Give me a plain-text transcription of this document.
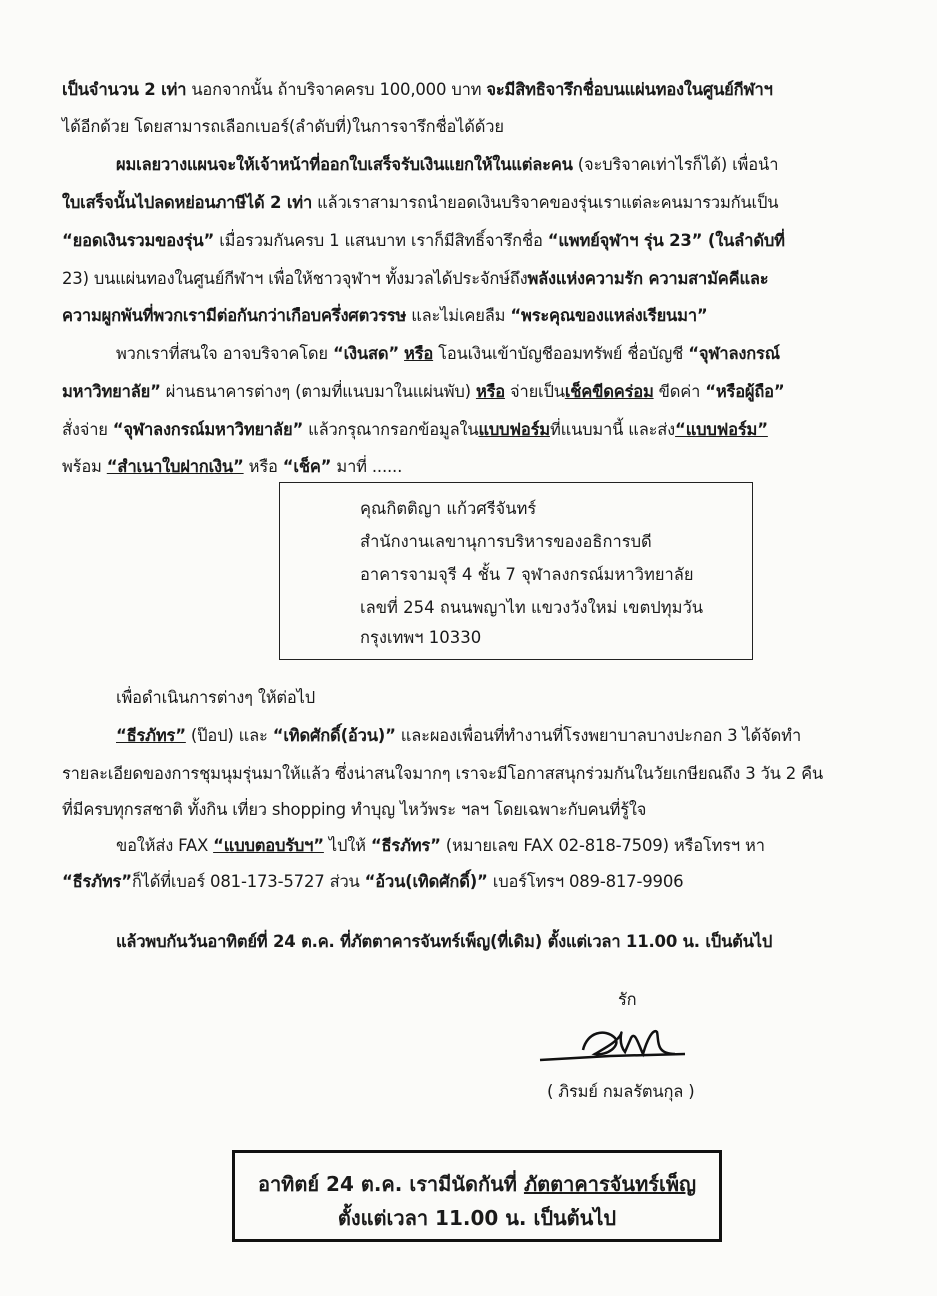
เป็นจำนวน 2 เท่า นอกจากนั้น ถ้าบริจาคครบ 100,000 บาท จะมีสิทธิจารึกชื่อบนแผ่นทองในศูนย์กีฬาฯ
ได้อีกด้วย โดยสามารถเลือกเบอร์(ลำดับที่)ในการจารึกชื่อได้ด้วย
ผมเลยวางแผนจะให้เจ้าหน้าที่ออกใบเสร็จรับเงินแยกให้ในแต่ละคน (จะบริจาคเท่าไรก็ได้) เพื่อนำ
ใบเสร็จนั้นไปลดหย่อนภาษีได้ 2 เท่า แล้วเราสามารถนำยอดเงินบริจาคของรุ่นเราแต่ละคนมารวมกันเป็น
“ยอดเงินรวมของรุ่น” เมื่อรวมกันครบ 1 แสนบาท เราก็มีสิทธิ์จารึกชื่อ “แพทย์จุฬาฯ รุ่น 23” (ในลำดับที่
23) บนแผ่นทองในศูนย์กีฬาฯ เพื่อให้ชาวจุฬาฯ ทั้งมวลได้ประจักษ์ถึงพลังแห่งความรัก ความสามัคคีและ
ความผูกพันที่พวกเรามีต่อกันกว่าเกือบครึ่งศตวรรษ และไม่เคยลืม “พระคุณของแหล่งเรียนมา”
พวกเราที่สนใจ อาจบริจาคโดย “เงินสด” หรือ โอนเงินเข้าบัญชีออมทรัพย์ ชื่อบัญชี “จุฬาลงกรณ์
มหาวิทยาลัย” ผ่านธนาคารต่างๆ (ตามที่แนบมาในแผ่นพับ) หรือ จ่ายเป็นเช็คขีดคร่อม ขีดค่า “หรือผู้ถือ”
สั่งจ่าย “จุฬาลงกรณ์มหาวิทยาลัย” แล้วกรุณากรอกข้อมูลในแบบฟอร์มที่แนบมานี้ และส่ง“แบบฟอร์ม”
พร้อม “สำเนาใบฝากเงิน” หรือ “เช็ค” มาที่ ......
คุณกิตติญา แก้วศรีจันทร์
สำนักงานเลขานุการบริหารของอธิการบดี
อาคารจามจุรี 4 ชั้น 7 จุฬาลงกรณ์มหาวิทยาลัย
เลขที่ 254 ถนนพญาไท แขวงวังใหม่ เขตปทุมวัน
กรุงเทพฯ 10330
เพื่อดำเนินการต่างๆ ให้ต่อไป
“ธีรภัทร” (ป๊อป) และ “เทิดศักดิ์(อ้วน)” และผองเพื่อนที่ทำงานที่โรงพยาบาลบางปะกอก 3 ได้จัดทำ
รายละเอียดของการชุมนุมรุ่นมาให้แล้ว ซึ่งน่าสนใจมากๆ เราจะมีโอกาสสนุกร่วมกันในวัยเกษียณถึง 3 วัน 2 คืน
ที่มีครบทุกรสชาติ ทั้งกิน เที่ยว shopping ทำบุญ ไหว้พระ ฯลฯ โดยเฉพาะกับคนที่รู้ใจ
ขอให้ส่ง FAX “แบบตอบรับฯ” ไปให้ “ธีรภัทร” (หมายเลข FAX 02-818-7509) หรือโทรฯ หา
“ธีรภัทร”ก็ได้ที่เบอร์ 081-173-5727 ส่วน “อ้วน(เทิดศักดิ์)” เบอร์โทรฯ 089-817-9906
แล้วพบกันวันอาทิตย์ที่ 24 ต.ค. ที่ภัตตาคารจันทร์เพ็ญ(ที่เดิม) ตั้งแต่เวลา 11.00 น. เป็นต้นไป
รัก
( ภิรมย์ กมลรัตนกุล )
อาทิตย์ 24 ต.ค. เรามีนัดกันที่ ภัตตาคารจันทร์เพ็ญ
ตั้งแต่เวลา 11.00 น. เป็นต้นไป
